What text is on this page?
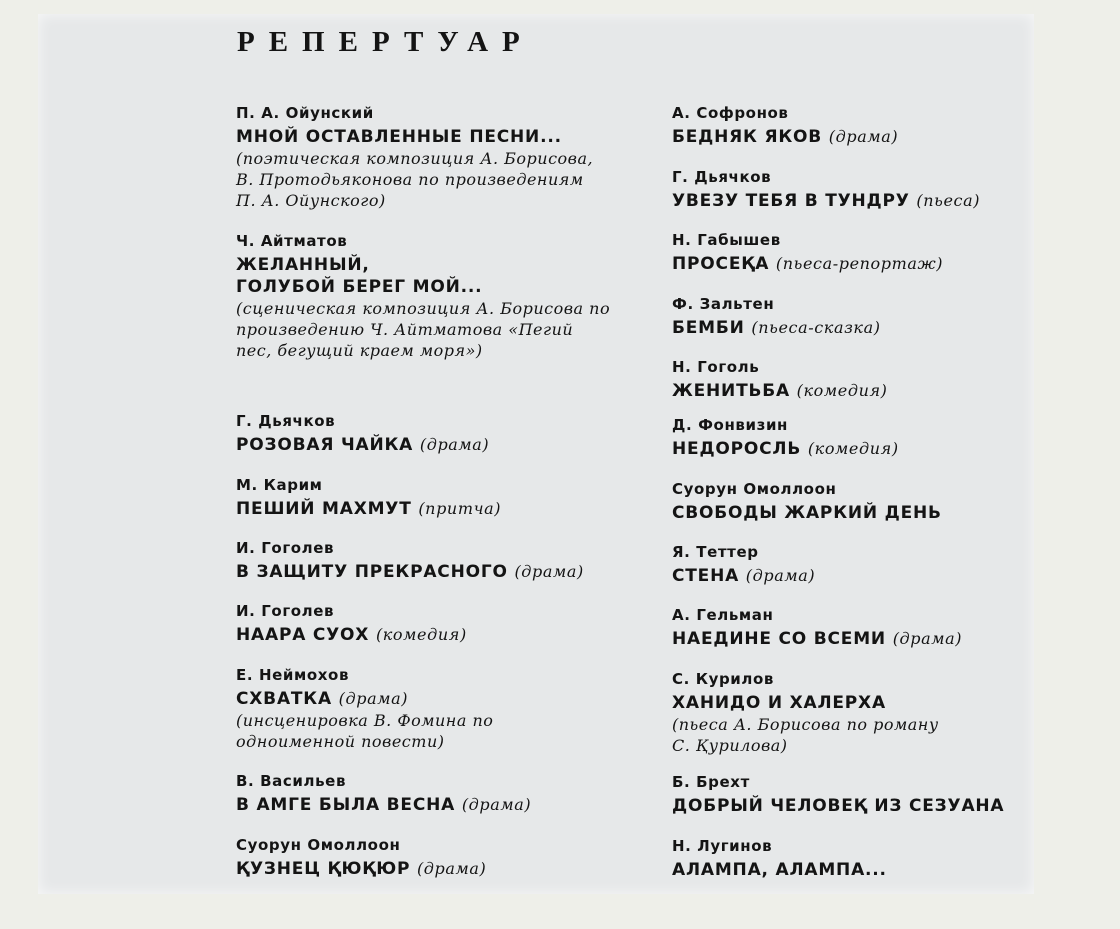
РЕПЕРТУАР
П. А. Ойунский
МНОЙ ОСТАВЛЕННЫЕ ПЕСНИ...
(поэтическая композиция А. Борисова,
В. Протодьяконова по произведениям
П. А. Ойунского)
Ч. Айтматов
ЖЕЛАННЫЙ,
ГОЛУБОЙ БЕРЕГ МОЙ...
(сценическая композиция А. Борисова по
произведению Ч. Айтматова «Пегий
пес, бегущий краем моря»)
Г. Дьячков
РОЗОВАЯ ЧАЙКА (драма)
М. Карим
ПЕШИЙ МАХМУТ (притча)
И. Гоголев
В ЗАЩИТУ ПРЕКРАСНОГО (драма)
И. Гоголев
НААРА СУОХ (комедия)
Е. Неймохов
СХВАТКА (драма)
(инсценировка В. Фомина по
одноименной повести)
В. Васильев
В АМГЕ БЫЛА ВЕСНА (драма)
Суорун Омоллоон
ҚУЗНЕЦ ҚЮҚЮР (драма)
А. Софронов
БЕДНЯК ЯКОВ (драма)
Г. Дьячков
УВЕЗУ ТЕБЯ В ТУНДРУ (пьеса)
Н. Габышев
ПРОСЕҚА (пьеса-репортаж)
Ф. Зальтен
БЕМБИ (пьеса-сказка)
Н. Гоголь
ЖЕНИТЬБА (комедия)
Д. Фонвизин
НЕДОРОСЛЬ (комедия)
Суорун Омоллоон
СВОБОДЫ ЖАРКИЙ ДЕНЬ
Я. Теттер
СТЕНА (драма)
А. Гельман
НАЕДИНЕ СО ВСЕМИ (драма)
С. Курилов
ХАНИДО И ХАЛЕРХА
(пьеса А. Борисова по роману
С. Қурилова)
Б. Брехт
ДОБРЫЙ ЧЕЛОВЕҚ ИЗ СЕЗУАНА
Н. Лугинов
АЛАМПА, АЛАМПА...
